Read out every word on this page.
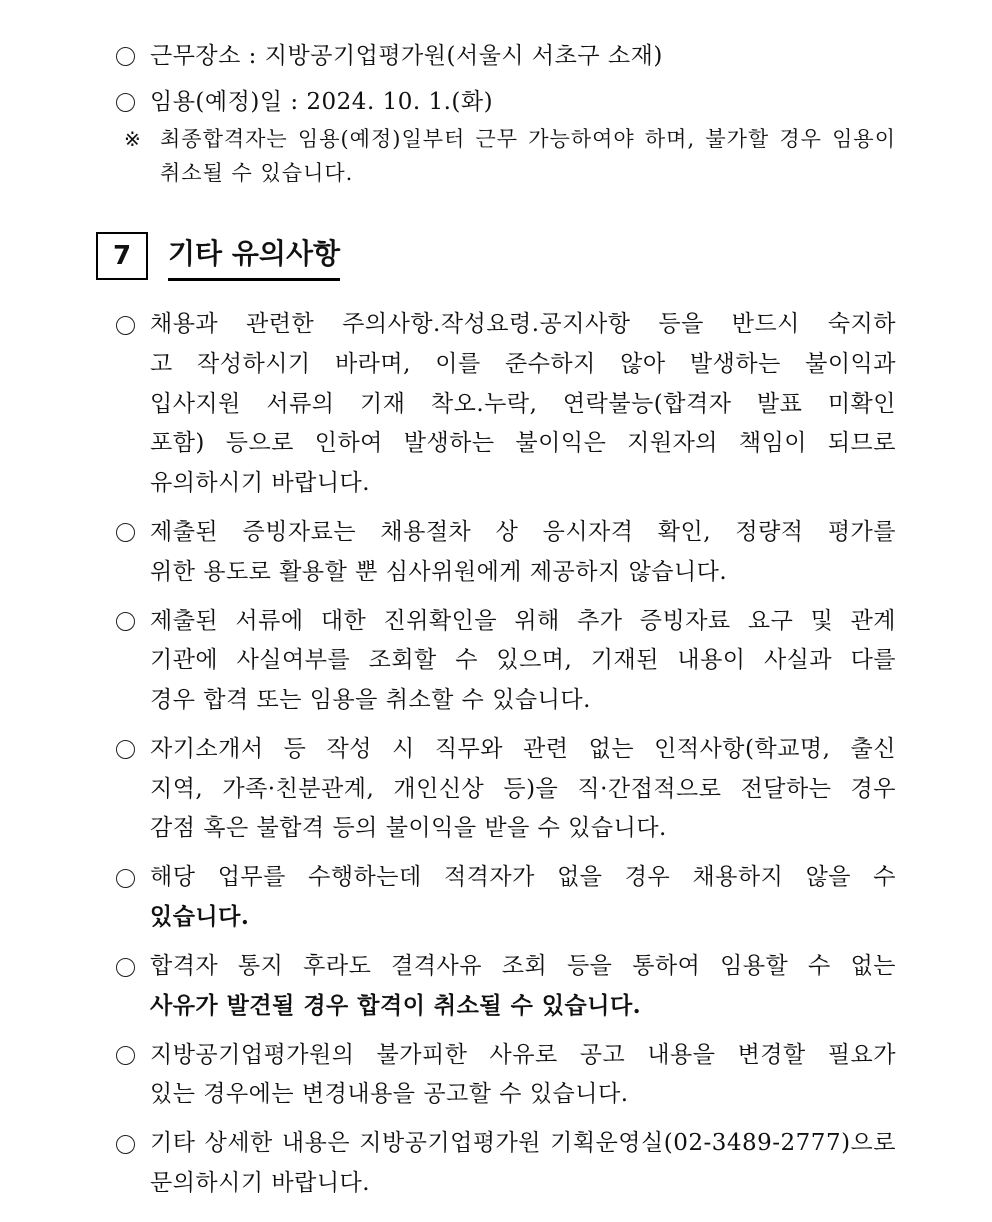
근무장소 : 지방공기업평가원(서울시 서초구 소재)
임용(예정)일 : 2024. 10. 1.(화)
※ 최종합격자는 임용(예정)일부터 근무 가능하여야 하며, 불가할 경우 임용이
취소될 수 있습니다.
7	기타 유의사항
채용과 관련한 주의사항.작성요령.공지사항 등을 반드시 숙지하
고 작성하시기 바라며, 이를 준수하지 않아 발생하는 불이익과
입사지원 서류의 기재 착오.누락, 연락불능(합격자 발표 미확인
포함) 등으로 인하여 발생하는 불이익은 지원자의 책임이 되므로
유의하시기 바랍니다.
제출된 증빙자료는 채용절차 상 응시자격 확인, 정량적 평가를
위한 용도로 활용할 뿐 심사위원에게 제공하지 않습니다.
제출된 서류에 대한 진위확인을 위해 추가 증빙자료 요구 및 관계
기관에 사실여부를 조회할 수 있으며, 기재된 내용이 사실과 다를
경우 합격 또는 임용을 취소할 수 있습니다.
자기소개서 등 작성 시 직무와 관련 없는 인적사항(학교명, 출신
지역, 가족·친분관계, 개인신상 등)을 직·간접적으로 전달하는 경우
감점 혹은 불합격 등의 불이익을 받을 수 있습니다.
해당 업무를 수행하는데 적격자가 없을 경우 채용하지 않을 수
있습니다.
합격자 통지 후라도 결격사유 조회 등을 통하여 임용할 수 없는
사유가 발견될 경우 합격이 취소될 수 있습니다.
지방공기업평가원의 불가피한 사유로 공고 내용을 변경할 필요가
있는 경우에는 변경내용을 공고할 수 있습니다.
기타 상세한 내용은 지방공기업평가원 기획운영실(02-3489-2777)으로
문의하시기 바랍니다.
